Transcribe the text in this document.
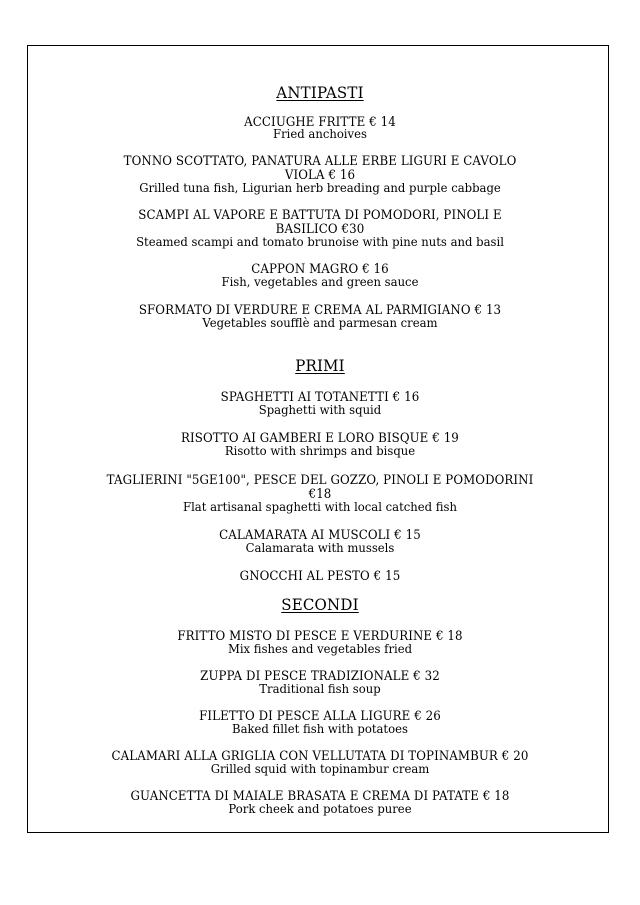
ANTIPASTI
ACCIUGHE FRITTE € 14
Fried anchoives
TONNO SCOTTATO, PANATURA ALLE ERBE LIGURI E CAVOLO
VIOLA € 16
Grilled tuna fish, Ligurian herb breading and purple cabbage
SCAMPI AL VAPORE E BATTUTA DI POMODORI, PINOLI E
BASILICO €30
Steamed scampi and tomato brunoise with pine nuts and basil
CAPPON MAGRO € 16
Fish, vegetables and green sauce
SFORMATO DI VERDURE E CREMA AL PARMIGIANO € 13
Vegetables soufflè and parmesan cream
PRIMI
SPAGHETTI AI TOTANETTI € 16
Spaghetti with squid
RISOTTO AI GAMBERI E LORO BISQUE € 19
Risotto with shrimps and bisque
TAGLIERINI "5GE100", PESCE DEL GOZZO, PINOLI E POMODORINI
€18
Flat artisanal spaghetti with local catched fish
CALAMARATA AI MUSCOLI € 15
Calamarata with mussels
GNOCCHI AL PESTO € 15
SECONDI
FRITTO MISTO DI PESCE E VERDURINE € 18
Mix fishes and vegetables fried
ZUPPA DI PESCE TRADIZIONALE € 32
Traditional fish soup
FILETTO DI PESCE ALLA LIGURE € 26
Baked fillet fish with potatoes
CALAMARI ALLA GRIGLIA CON VELLUTATA DI TOPINAMBUR € 20
Grilled squid with topinambur cream
GUANCETTA DI MAIALE BRASATA E CREMA DI PATATE € 18
Pork cheek and potatoes puree
